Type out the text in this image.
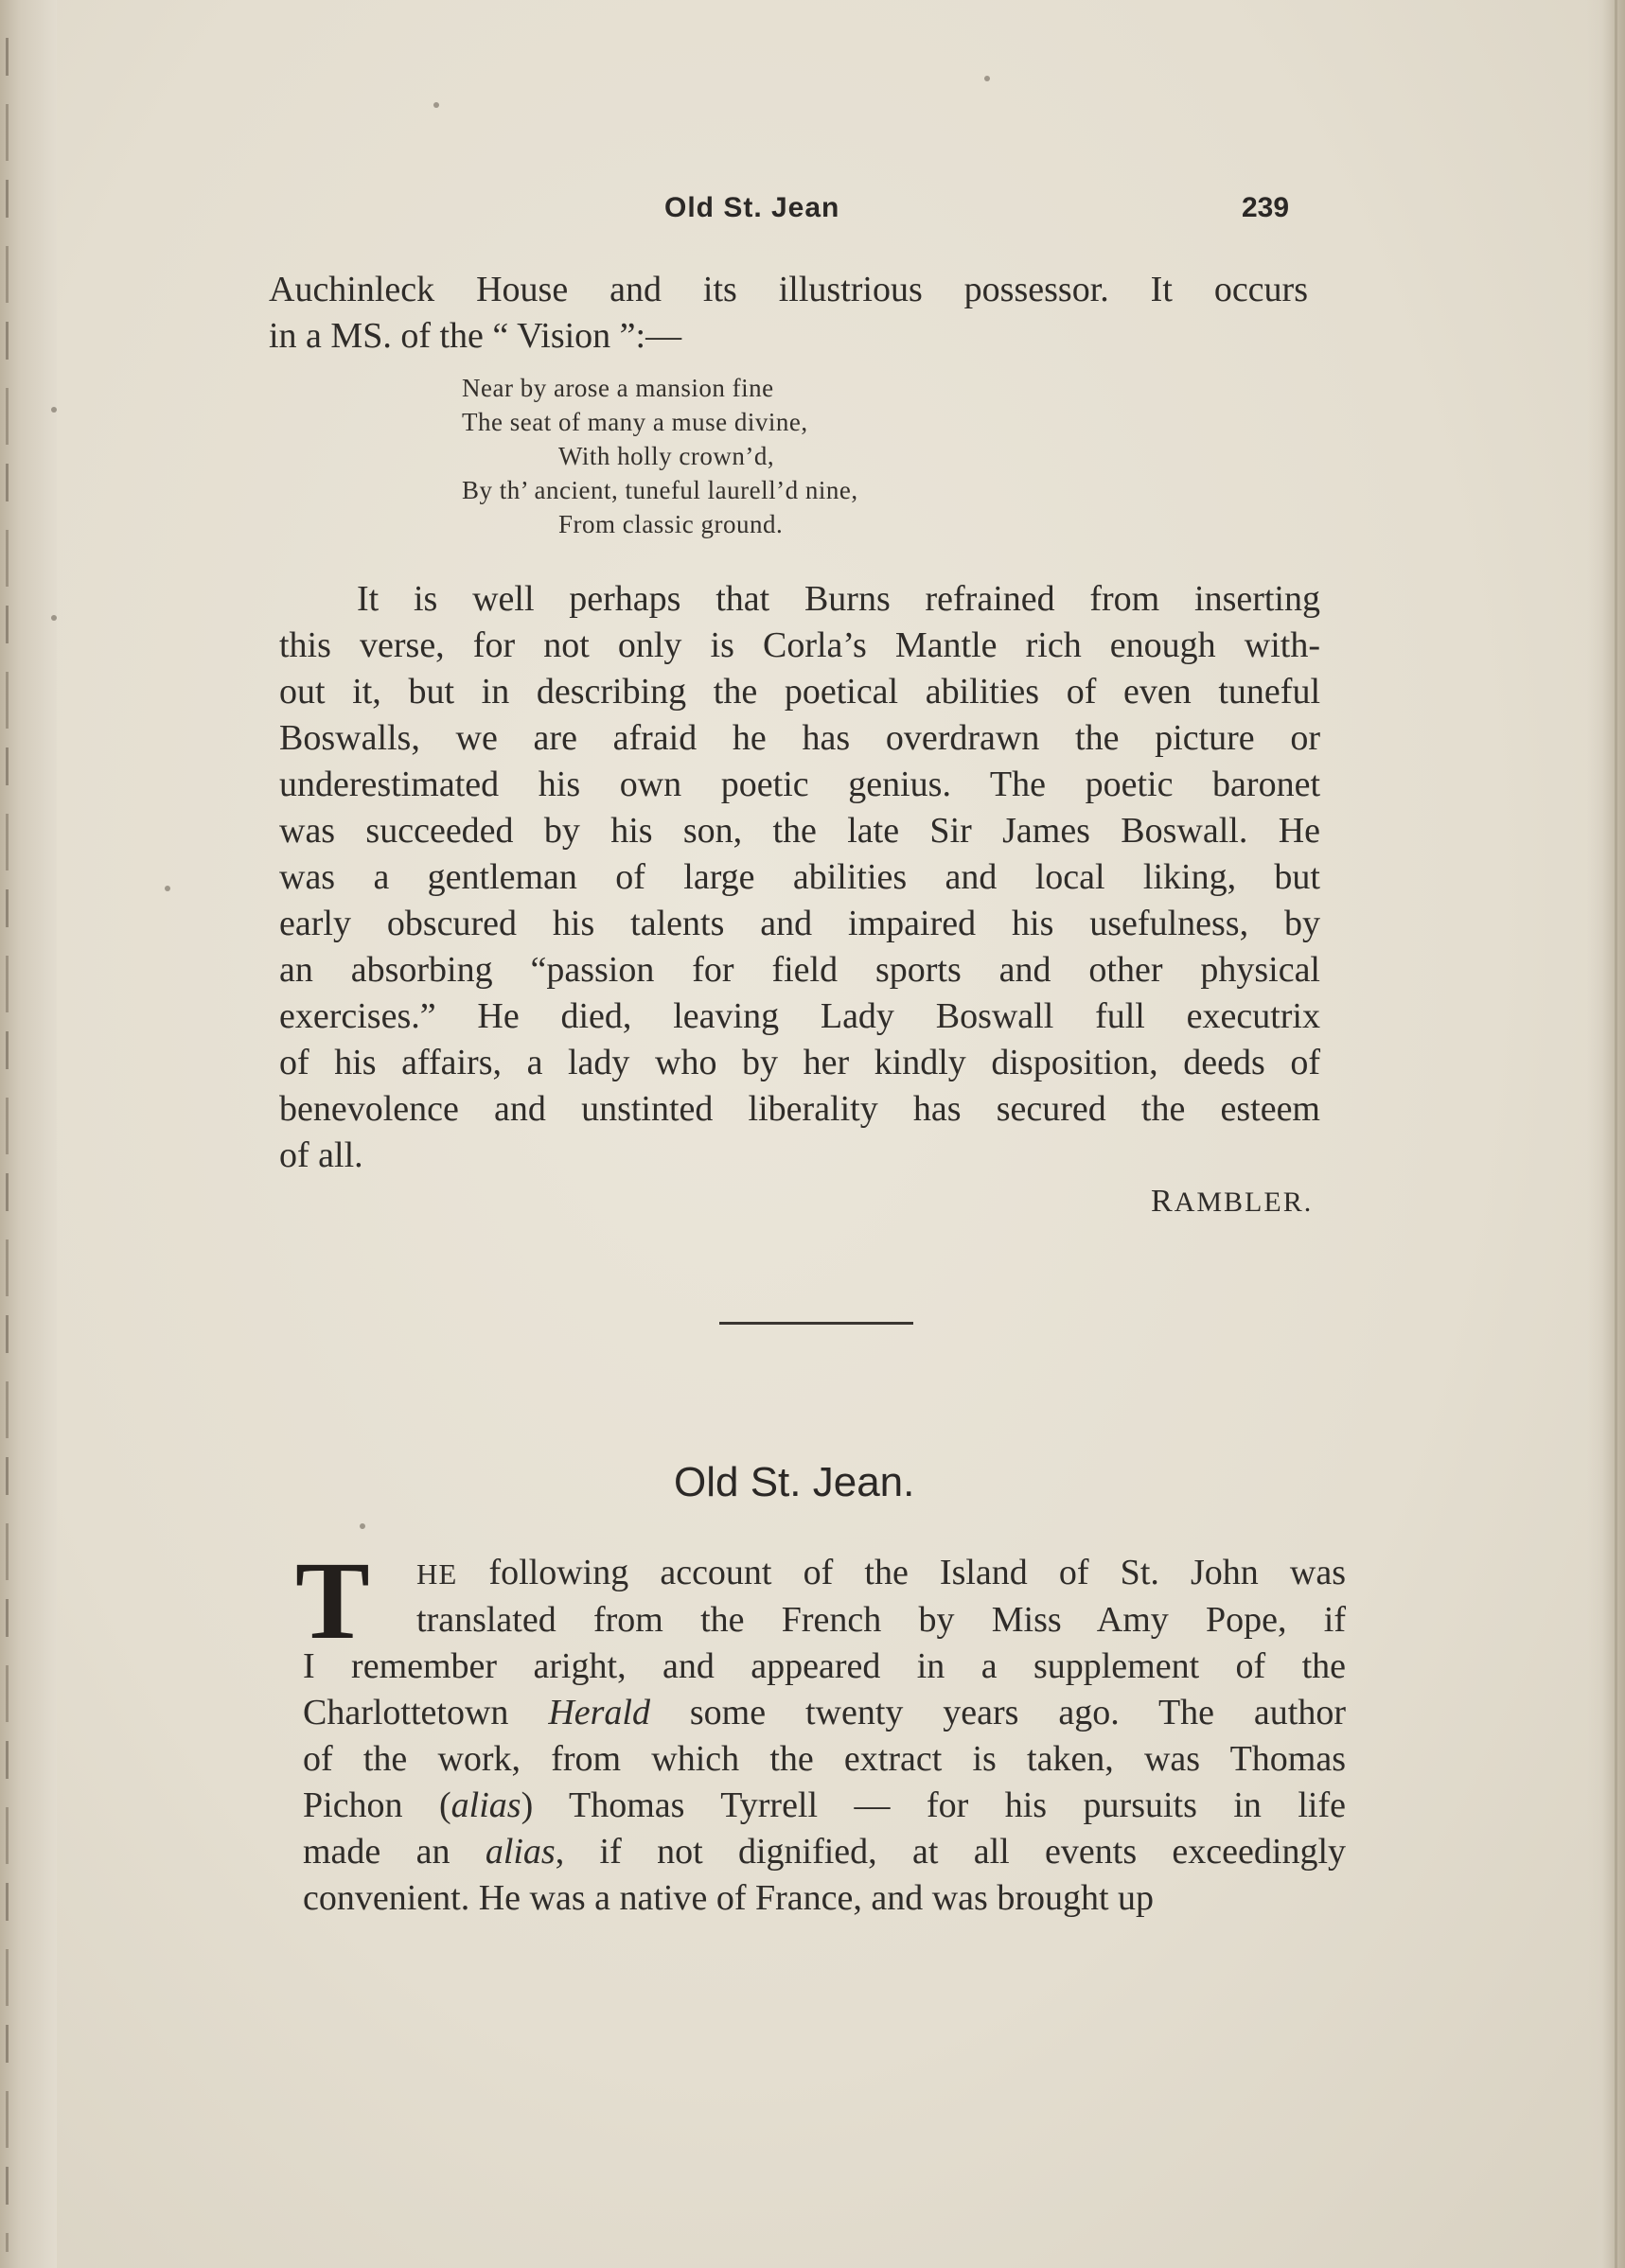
Old St. Jean	239
Auchinleck House and its illustrious possessor. It occurs
in a MS. of the “ Vision ”:—
Near by arose a mansion fine
The seat of many a muse divine,
With holly crown’d,
By th’ ancient, tuneful laurell’d nine,
From classic ground.
It is well perhaps that Burns refrained from inserting
this verse, for not only is Corla’s Mantle rich enough with-
out it, but in describing the poetical abilities of even tuneful
Boswalls, we are afraid he has overdrawn the picture or
underestimated his own poetic genius. The poetic baronet
was succeeded by his son, the late Sir James Boswall. He
was a gentleman of large abilities and local liking, but
early obscured his talents and impaired his usefulness, by
an absorbing “passion for field sports and other physical
exercises.” He died, leaving Lady Boswall full executrix
of his affairs, a lady who by her kindly disposition, deeds of
benevolence and unstinted liberality has secured the esteem
of all.
RAMBLER.
Old St. Jean.
T	HE following account of the Island of St. John was
translated from the French by Miss Amy Pope, if
I remember aright, and appeared in a supplement of the
Charlottetown Herald some twenty years ago. The author
of the work, from which the extract is taken, was Thomas
Pichon (alias) Thomas Tyrrell — for his pursuits in life
made an alias, if not dignified, at all events exceedingly
convenient. He was a native of France, and was brought up
